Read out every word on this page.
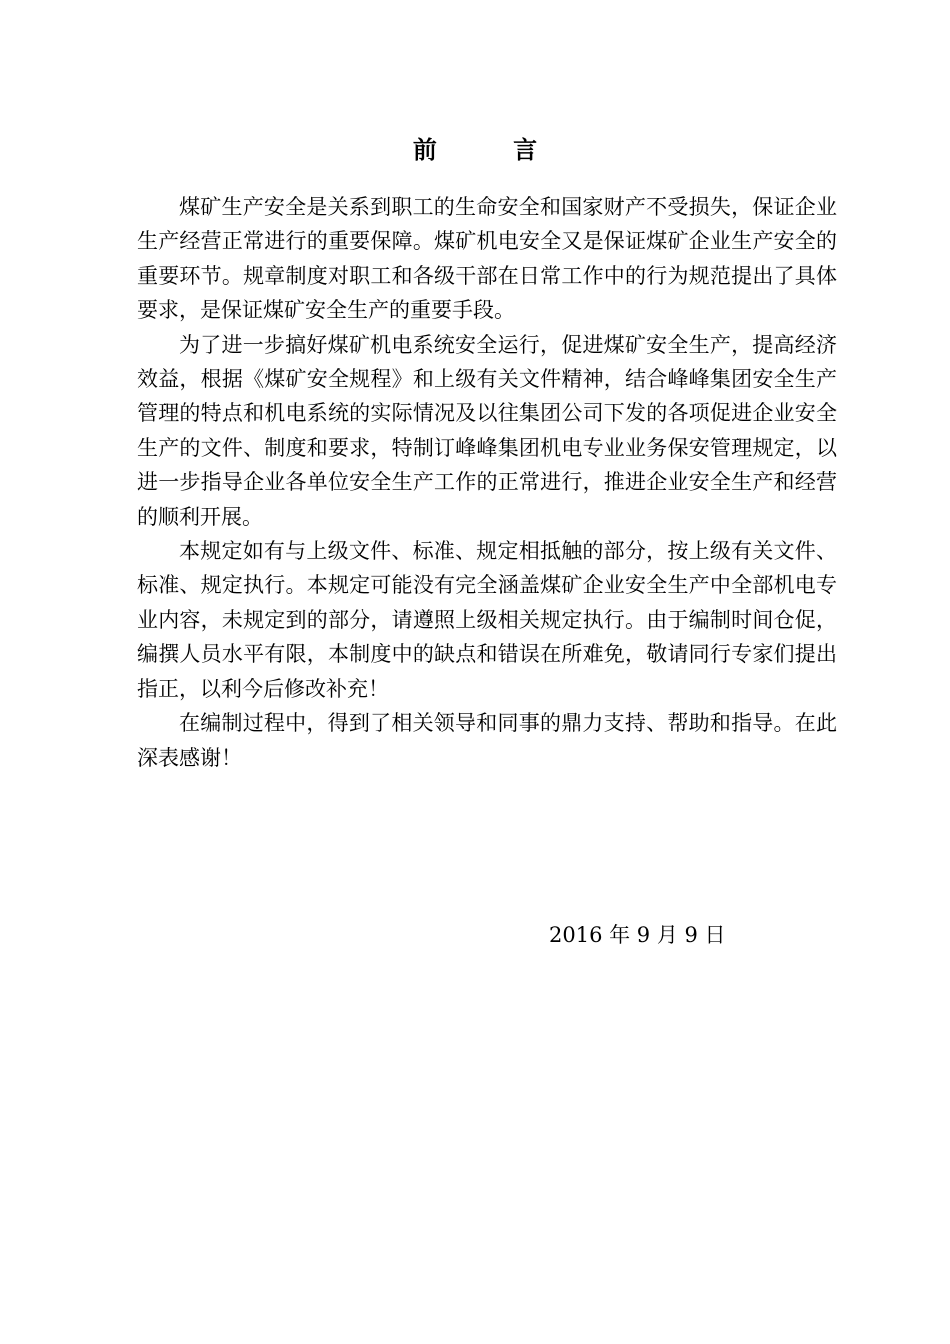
前 言

煤矿生产安全是关系到职工的生命安全和国家财产不受损失，保证企业生产经营正常进行的重要保障。煤矿机电安全又是保证煤矿企业生产安全的重要环节。规章制度对职工和各级干部在日常工作中的行为规范提出了具体要求，是保证煤矿安全生产的重要手段。

为了进一步搞好煤矿机电系统安全运行，促进煤矿安全生产，提高经济效益，根据《煤矿安全规程》和上级有关文件精神，结合峰峰集团安全生产管理的特点和机电系统的实际情况及以往集团公司下发的各项促进企业安全生产的文件、制度和要求，特制订峰峰集团机电专业业务保安管理规定，以进一步指导企业各单位安全生产工作的正常进行，推进企业安全生产和经营的顺利开展。

本规定如有与上级文件、标准、规定相抵触的部分，按上级有关文件、标准、规定执行。本规定可能没有完全涵盖煤矿企业安全生产中全部机电专业内容，未规定到的部分，请遵照上级相关规定执行。由于编制时间仓促，编撰人员水平有限，本制度中的缺点和错误在所难免，敬请同行专家们提出指正，以利今后修改补充！

在编制过程中，得到了相关领导和同事的鼎力支持、帮助和指导。在此深表感谢！

2016 年 9 月 9 日
